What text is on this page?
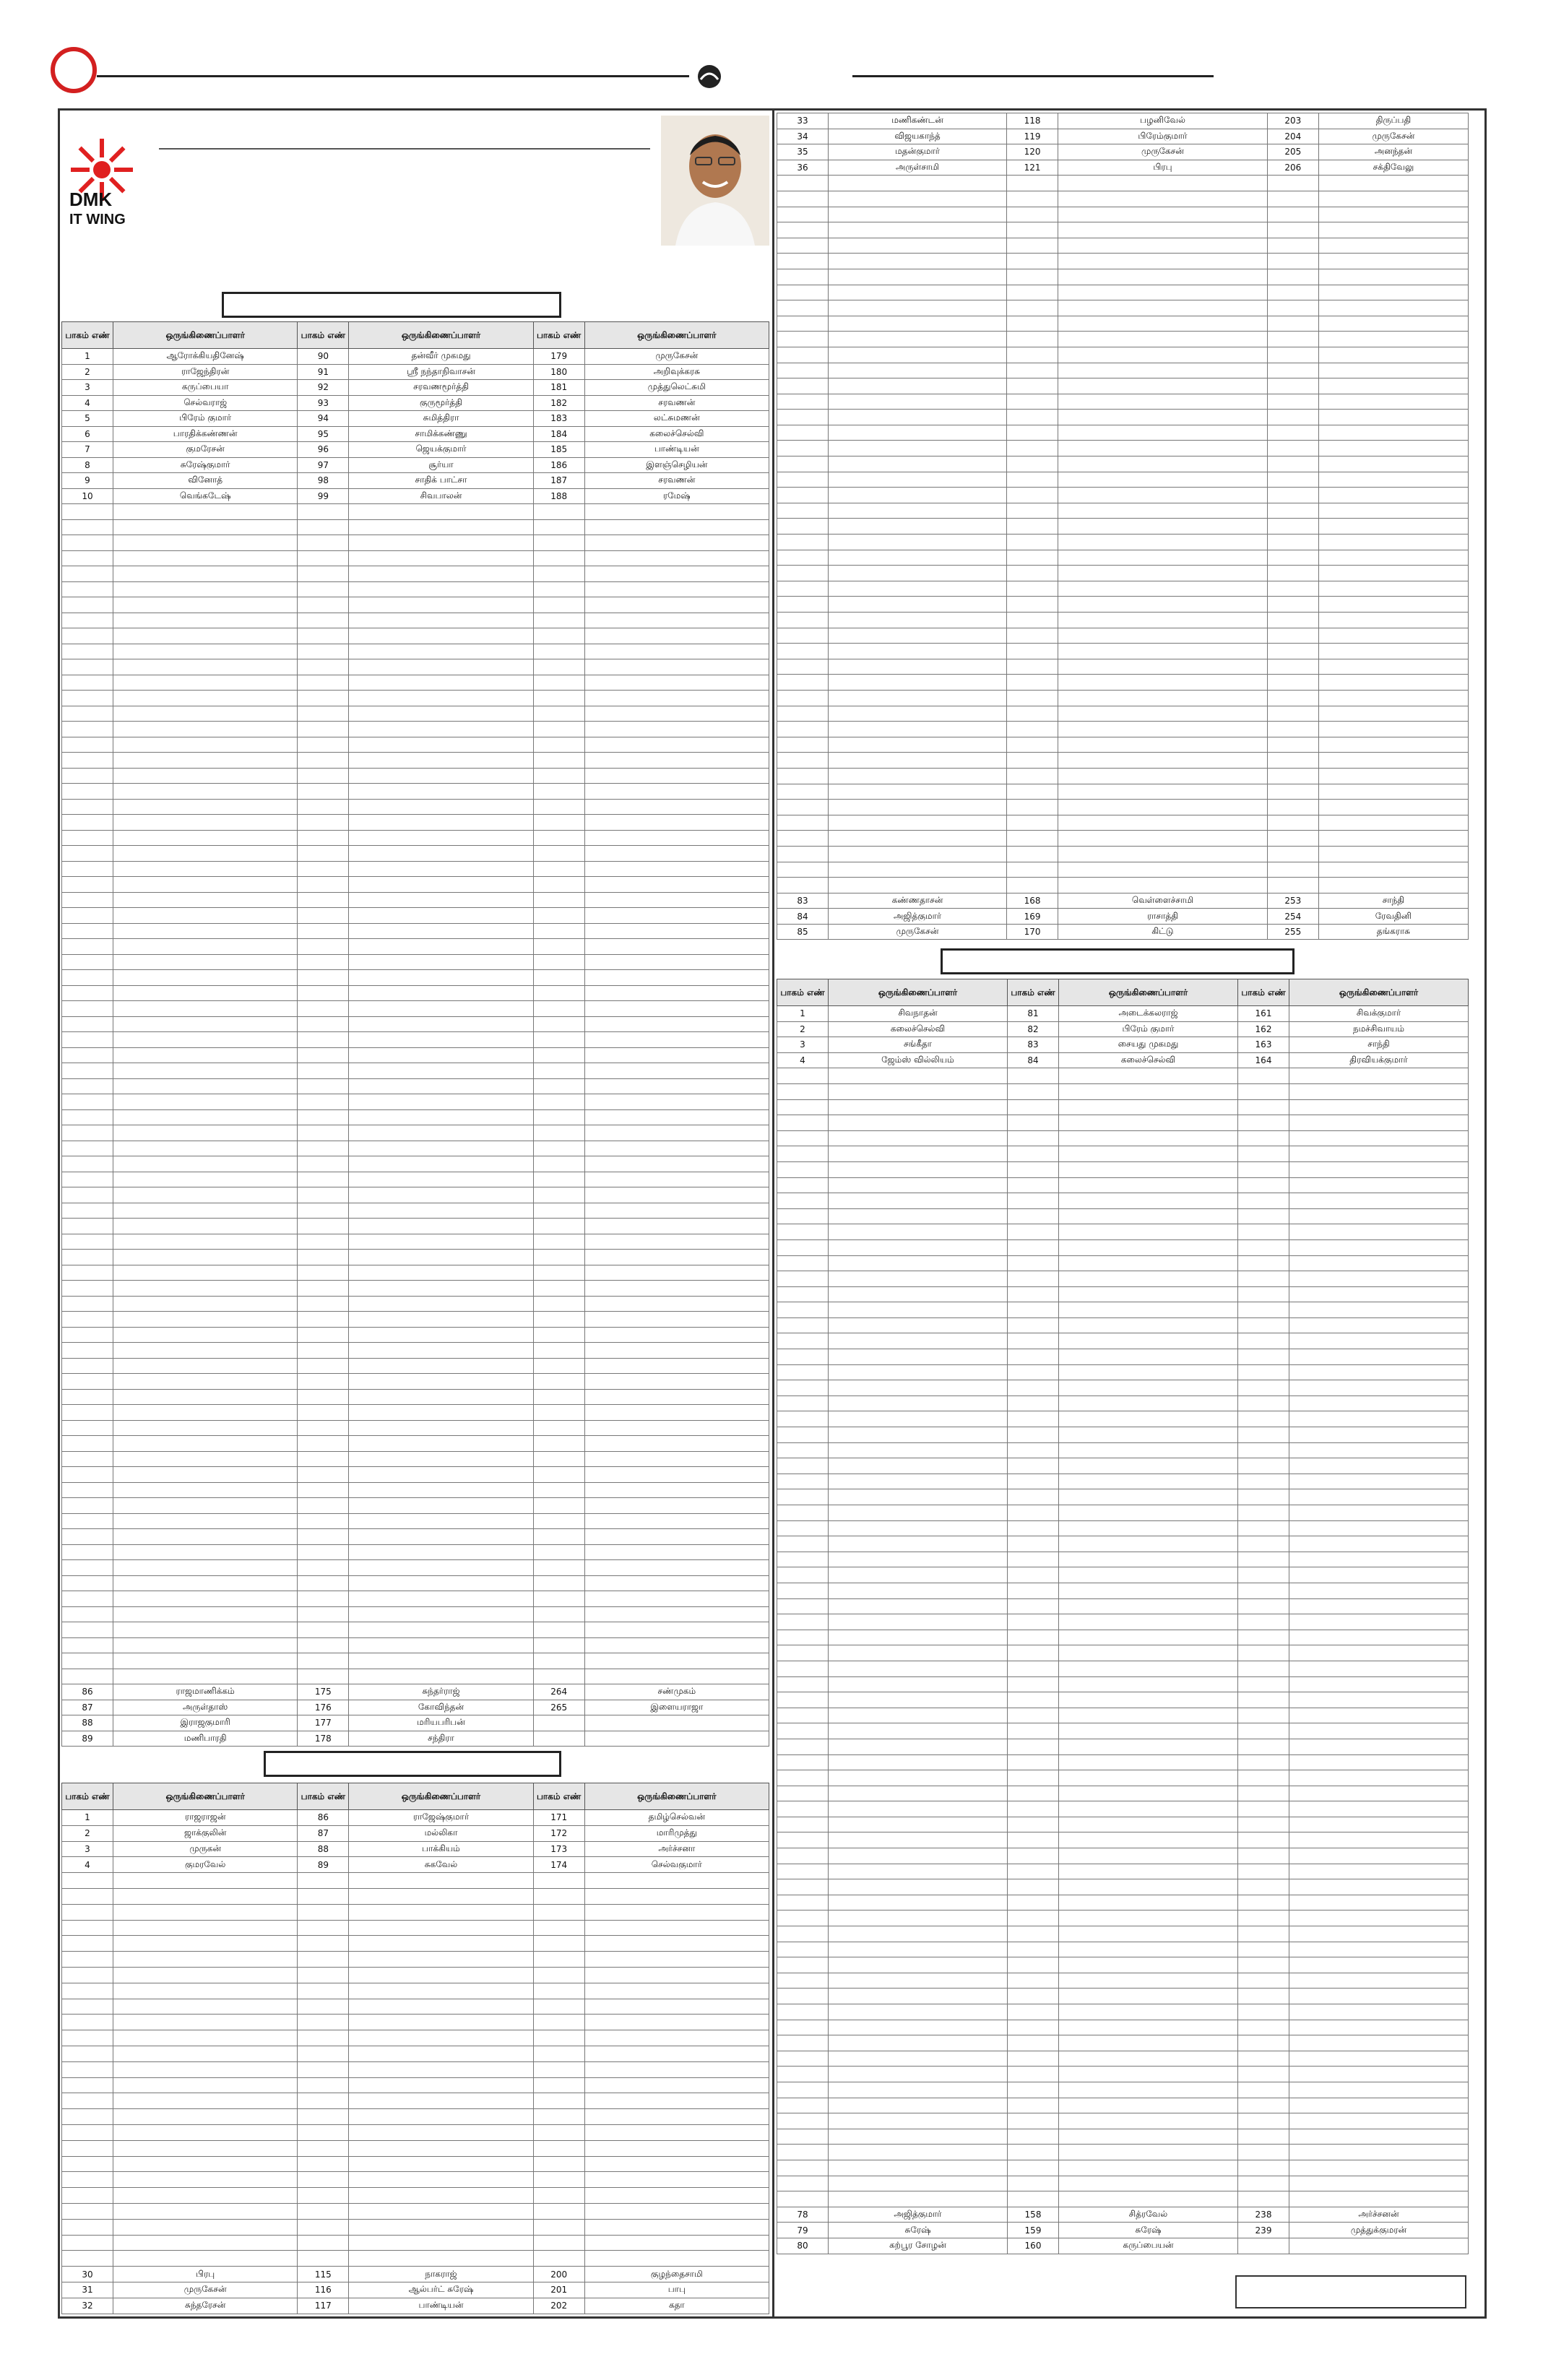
DMK
IT WING
பாகம் எண்	ஒருங்கிணைப்பாளர்	பாகம் எண்	ஒருங்கிணைப்பாளர்	பாகம் எண்	ஒருங்கிணைப்பாளர்
1	ஆரோக்கியதினேஷ்	90	தன்வீர் முகமது	179	முருகேசன்
2	ராஜேந்திரன்	91	ஸ்ரீ நந்தாநிவாசன்	180	அறிவுக்கரசு
3	கருப்பையா	92	சரவணமூர்த்தி	181	முத்துலெட்சுமி
4	செல்வராஜ்	93	குருமூர்த்தி	182	சரவணன்
5	பிரேம் குமார்	94	சுமித்திரா	183	லட்சுமணன்
6	பாரதிக்கண்ணன்	95	சாமிக்கண்ணு	184	கலைச்செல்வி
7	குமரேசன்	96	ஜெயக்குமார்	185	பாண்டியன்
8	சுரேஷ்குமார்	97	சூர்யா	186	இளஞ்செழியன்
9	வினோத்	98	சாதிக் பாட்சா	187	சரவணன்
10	வெங்கடேஷ்	99	சிவபாலன்	188	ரமேஷ்

86	ராஜமாணிக்கம்	175	சுந்தர்ராஜ்	264	சண்முகம்
87	அருள்தாஸ்	176	கோவிந்தன்	265	இளையராஜா
88	இராஜகுமாரி	177	மரியபரிபன்		
89	மணிபாரதி	178	சந்திரா		
பாகம் எண்	ஒருங்கிணைப்பாளர்	பாகம் எண்	ஒருங்கிணைப்பாளர்	பாகம் எண்	ஒருங்கிணைப்பாளர்
1	ராஜராஜன்	86	ராஜேஷ்குமார்	171	தமிழ்செல்வன்
2	ஜாக்குலின்	87	மல்லிகா	172	மாரிமுத்து
3	முருகன்	88	பாக்கியம்	173	அர்ச்சனா
4	குமரவேல்	89	சுகவேல்	174	செல்வகுமார்

30	பிரபு	115	நாகராஜ்	200	குழந்தைசாமி
31	முருகேசன்	116	ஆல்பர்ட் சுரேஷ்	201	பாபு
32	சுந்தரேசன்	117	பாண்டியன்	202	கதா
33	மணிகண்டன்	118	பழனிவேல்	203	திருப்பதி
34	விஜயகாந்த்	119	பிரேம்குமார்	204	முருகேசன்
35	மதன்குமார்	120	முருகேசன்	205	அனந்தன்
36	அருள்சாமி	121	பிரபு	206	சக்திவேலு

83	கண்ணதாசன்	168	வெள்ளைச்சாமி	253	சாந்தி
84	அஜித்குமார்	169	ராசாத்தி	254	ரேவதினி
85	முருகேசன்	170	கிட்டு	255	தங்கராசு
பாகம் எண்	ஒருங்கிணைப்பாளர்	பாகம் எண்	ஒருங்கிணைப்பாளர்	பாகம் எண்	ஒருங்கிணைப்பாளர்
1	சிவநாதன்	81	அடைக்கலராஜ்	161	சிவக்குமார்
2	கலைச்செல்வி	82	பிரேம் குமார்	162	நமச்சிவாயம்
3	சங்கீதா	83	சையது முகமது	163	சாந்தி
4	ஜேம்ஸ் வில்லியம்	84	கலைச்செல்வி	164	திரவியக்குமார்

78	அஜித்குமார்	158	சித்ரவேல்	238	அர்ச்சனன்
79	சுரேஷ்	159	சுரேஷ்	239	முத்துக்குமரன்
80	கற்பூர சோழன்	160	கருப்பையன்		
